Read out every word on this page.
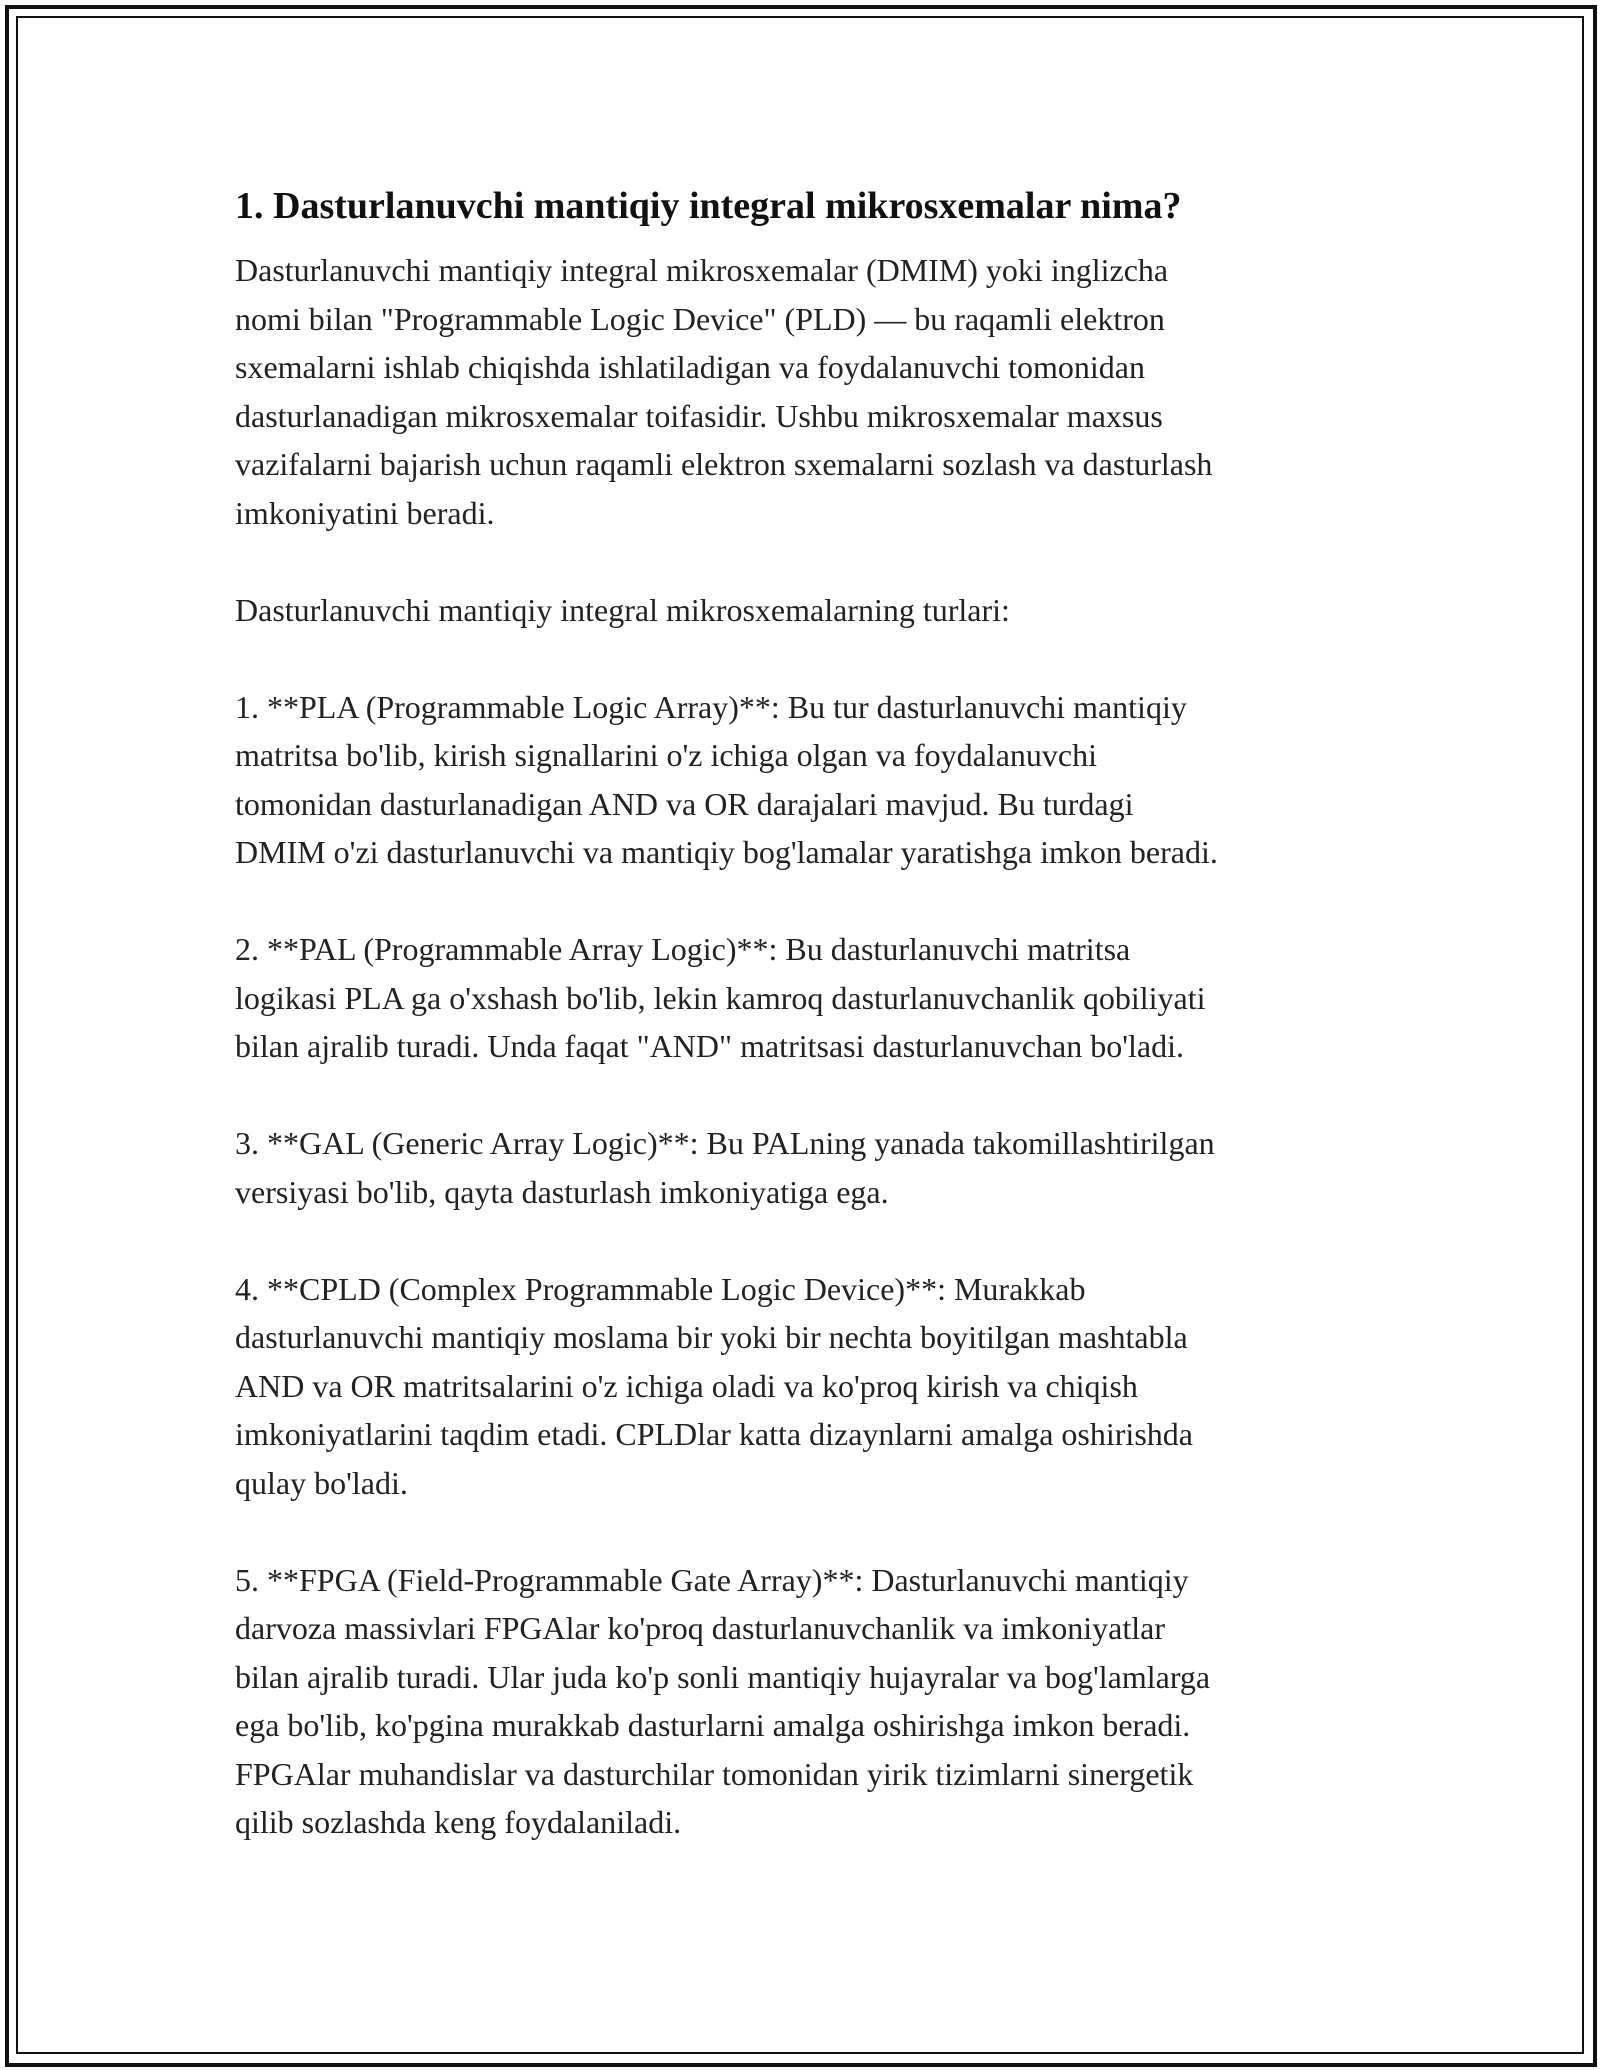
1. Dasturlanuvchi mantiqiy integral mikrosxemalar nima?

Dasturlanuvchi mantiqiy integral mikrosxemalar (DMIM) yoki inglizcha
nomi bilan "Programmable Logic Device" (PLD) — bu raqamli elektron
sxemalarni ishlab chiqishda ishlatiladigan va foydalanuvchi tomonidan
dasturlanadigan mikrosxemalar toifasidir. Ushbu mikrosxemalar maxsus
vazifalarni bajarish uchun raqamli elektron sxemalarni sozlash va dasturlash
imkoniyatini beradi.

Dasturlanuvchi mantiqiy integral mikrosxemalarning turlari:

1. **PLA (Programmable Logic Array)**: Bu tur dasturlanuvchi mantiqiy
matritsa bo'lib, kirish signallarini o'z ichiga olgan va foydalanuvchi
tomonidan dasturlanadigan AND va OR darajalari mavjud. Bu turdagi
DMIM o'zi dasturlanuvchi va mantiqiy bog'lamalar yaratishga imkon beradi.

2. **PAL (Programmable Array Logic)**: Bu dasturlanuvchi matritsa
logikasi PLA ga o'xshash bo'lib, lekin kamroq dasturlanuvchanlik qobiliyati
bilan ajralib turadi. Unda faqat "AND" matritsasi dasturlanuvchan bo'ladi.

3. **GAL (Generic Array Logic)**: Bu PALning yanada takomillashtirilgan
versiyasi bo'lib, qayta dasturlash imkoniyatiga ega.

4. **CPLD (Complex Programmable Logic Device)**: Murakkab
dasturlanuvchi mantiqiy moslama bir yoki bir nechta boyitilgan mashtabla
AND va OR matritsalarini o'z ichiga oladi va ko'proq kirish va chiqish
imkoniyatlarini taqdim etadi. CPLDlar katta dizaynlarni amalga oshirishda
qulay bo'ladi.

5. **FPGA (Field-Programmable Gate Array)**: Dasturlanuvchi mantiqiy
darvoza massivlari FPGAlar ko'proq dasturlanuvchanlik va imkoniyatlar
bilan ajralib turadi. Ular juda ko'p sonli mantiqiy hujayralar va bog'lamlarga
ega bo'lib, ko'pgina murakkab dasturlarni amalga oshirishga imkon beradi.
FPGAlar muhandislar va dasturchilar tomonidan yirik tizimlarni sinergetik
qilib sozlashda keng foydalaniladi.
